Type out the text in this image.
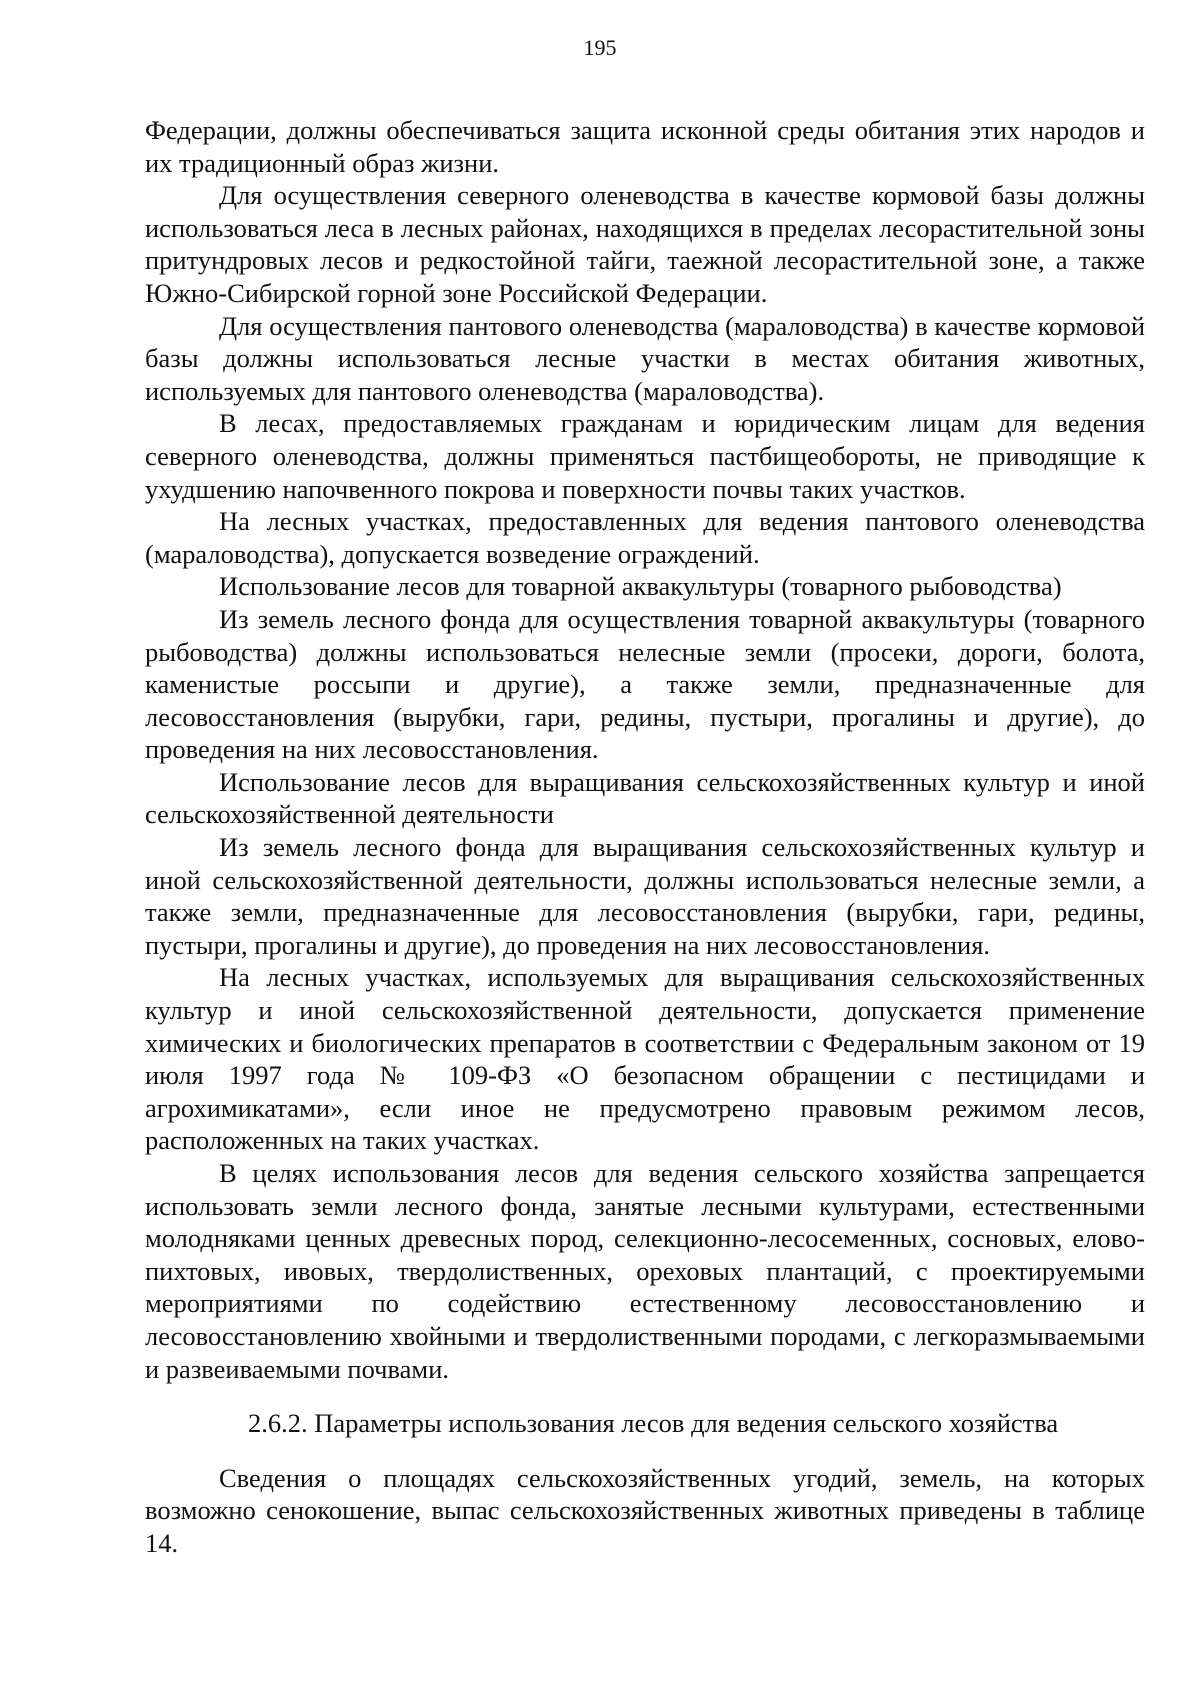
195

Федерации, должны обеспечиваться защита исконной среды обитания этих народов и их традиционный образ жизни.

Для осуществления северного оленеводства в качестве кормовой базы должны использоваться леса в лесных районах, находящихся в пределах лесорастительной зоны притундровых лесов и редкостойной тайги, таежной лесорастительной зоне, а также Южно-Сибирской горной зоне Российской Федерации.

Для осуществления пантового оленеводства (мараловодства) в качестве кормовой базы должны использоваться лесные участки в местах обитания животных, используемых для пантового оленеводства (мараловодства).

В лесах, предоставляемых гражданам и юридическим лицам для ведения северного оленеводства, должны применяться пастбищеобороты, не приводящие к ухудшению напочвенного покрова и поверхности почвы таких участков.

На лесных участках, предоставленных для ведения пантового оленеводства (мараловодства), допускается возведение ограждений.

Использование лесов для товарной аквакультуры (товарного рыбоводства)

Из земель лесного фонда для осуществления товарной аквакультуры (товарного рыбоводства) должны использоваться нелесные земли (просеки, дороги, болота, каменистые россыпи и другие), а также земли, предназначенные для лесовосстановления (вырубки, гари, редины, пустыри, прогалины и другие), до проведения на них лесовосстановления.

Использование лесов для выращивания сельскохозяйственных культур и иной сельскохозяйственной деятельности

Из земель лесного фонда для выращивания сельскохозяйственных культур и иной сельскохозяйственной деятельности, должны использоваться нелесные земли, а также земли, предназначенные для лесовосстановления (вырубки, гари, редины, пустыри, прогалины и другие), до проведения на них лесовосстановления.

На лесных участках, используемых для выращивания сельскохозяйственных культур и иной сельскохозяйственной деятельности, допускается применение химических и биологических препаратов в соответствии с Федеральным законом от 19 июля 1997 года № 109-ФЗ «О безопасном обращении с пестицидами и агрохимикатами», если иное не предусмотрено правовым режимом лесов, расположенных на таких участках.

В целях использования лесов для ведения сельского хозяйства запрещается использовать земли лесного фонда, занятые лесными культурами, естественными молодняками ценных древесных пород, селекционно-лесосеменных, сосновых, елово-пихтовых, ивовых, твердолиственных, ореховых плантаций, с проектируемыми мероприятиями по содействию естественному лесовосстановлению и лесовосстановлению хвойными и твердолиственными породами, с легкоразмываемыми и развеиваемыми почвами.

2.6.2. Параметры использования лесов для ведения сельского хозяйства

Сведения о площадях сельскохозяйственных угодий, земель, на которых возможно сенокошение, выпас сельскохозяйственных животных приведены в таблице 14.
